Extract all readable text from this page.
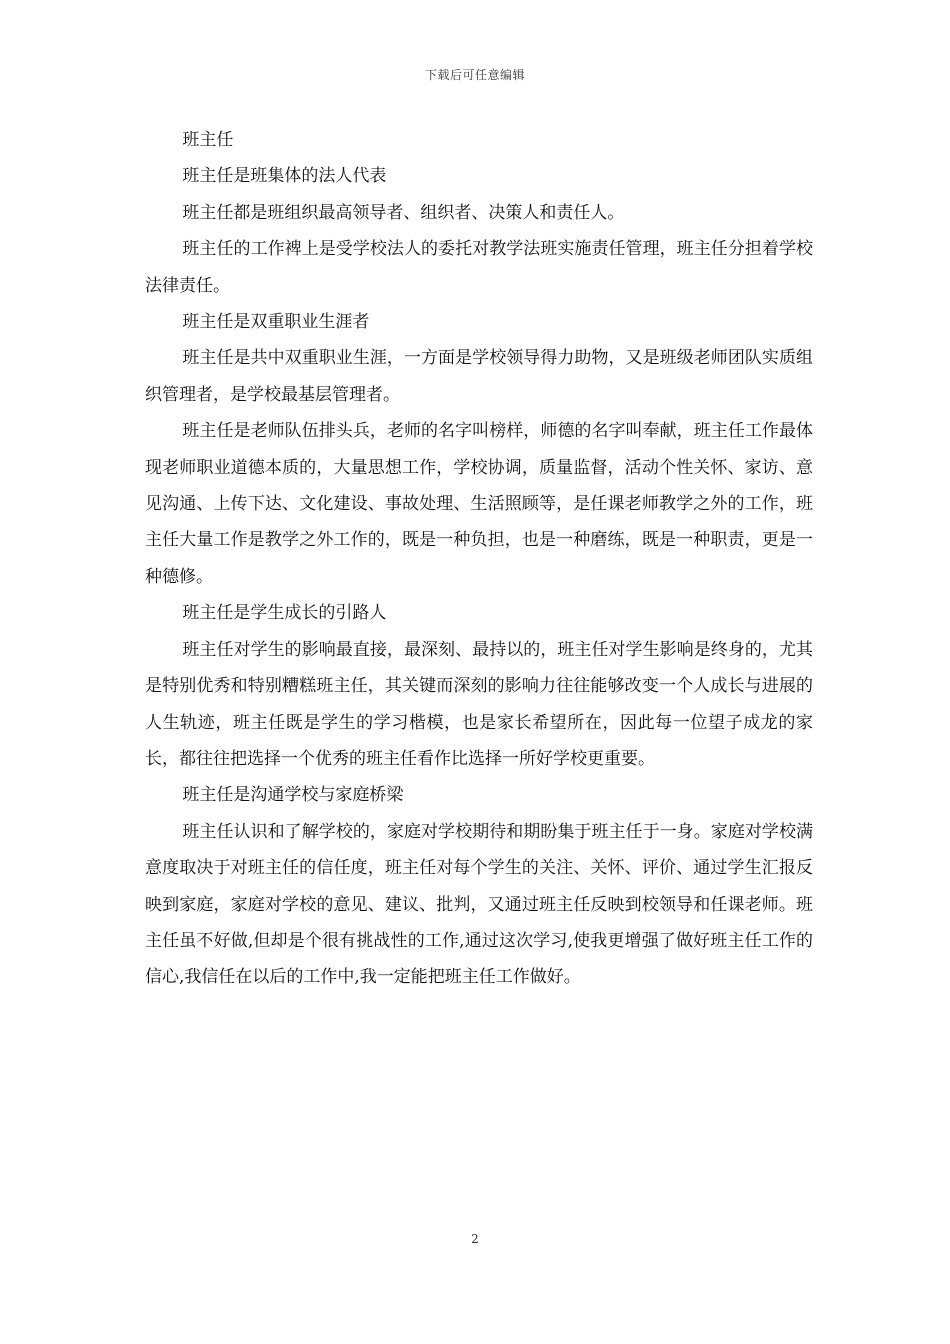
下载后可任意编辑

班主任

班主任是班集体的法人代表

班主任都是班组织最高领导者、组织者、决策人和责任人。

班主任的工作裨上是受学校法人的委托对教学法班实施责任管理，班主任分担着学校法律责任。

班主任是双重职业生涯者

班主任是共中双重职业生涯，一方面是学校领导得力助物，又是班级老师团队实质组织管理者，是学校最基层管理者。

班主任是老师队伍排头兵，老师的名字叫榜样，师德的名字叫奉献，班主任工作最体现老师职业道德本质的，大量思想工作，学校协调，质量监督，活动个性关怀、家访、意见沟通、上传下达、文化建设、事故处理、生活照顾等，是任课老师教学之外的工作，班主任大量工作是教学之外工作的，既是一种负担，也是一种磨练，既是一种职责，更是一种德修。

班主任是学生成长的引路人

班主任对学生的影响最直接，最深刻、最持以的，班主任对学生影响是终身的，尤其是特别优秀和特别糟糕班主任，其关键而深刻的影响力往往能够改变一个人成长与进展的人生轨迹，班主任既是学生的学习楷模，也是家长希望所在，因此每一位望子成龙的家长，都往往把选择一个优秀的班主任看作比选择一所好学校更重要。

班主任是沟通学校与家庭桥梁

班主任认识和了解学校的，家庭对学校期待和期盼集于班主任于一身。家庭对学校满意度取决于对班主任的信任度，班主任对每个学生的关注、关怀、评价、通过学生汇报反映到家庭，家庭对学校的意见、建议、批判，又通过班主任反映到校领导和任课老师。班主任虽不好做,但却是个很有挑战性的工作,通过这次学习,使我更增强了做好班主任工作的信心,我信任在以后的工作中,我一定能把班主任工作做好。

2
